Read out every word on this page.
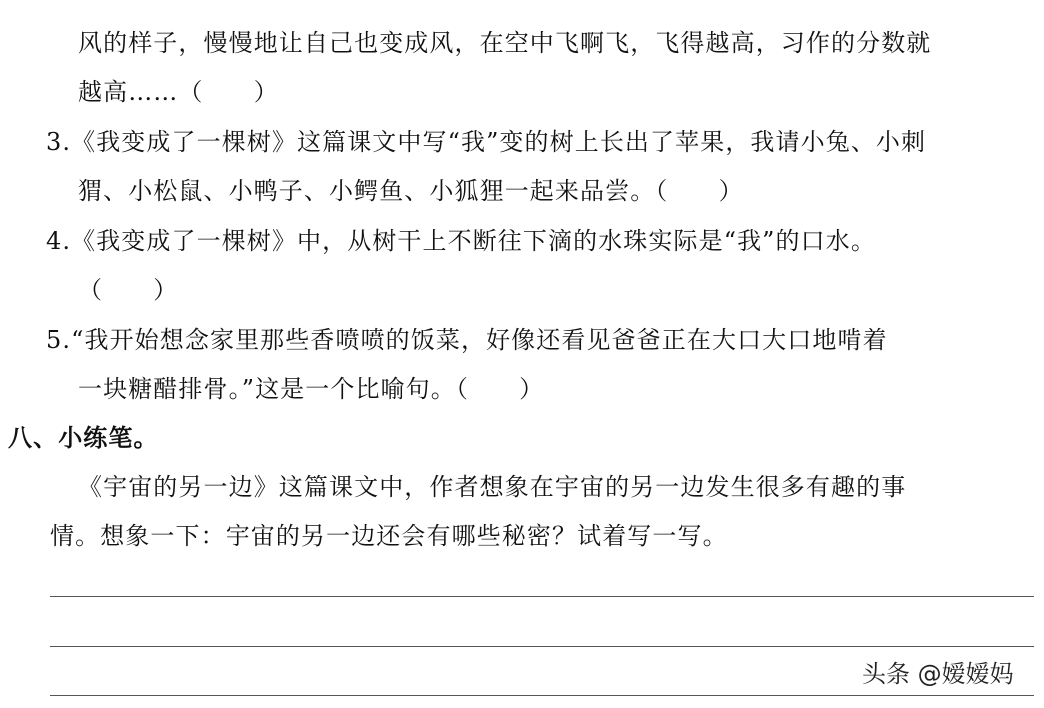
风的样子，慢慢地让自己也变成风，在空中飞啊飞，飞得越高，习作的分数就
越高……（　　）
3.《我变成了一棵树》这篇课文中写“我”变的树上长出了苹果，我请小兔、小刺
猬、小松鼠、小鸭子、小鳄鱼、小狐狸一起来品尝。（　　）
4.《我变成了一棵树》中，从树干上不断往下滴的水珠实际是“我”的口水。
（　　）
5.“我开始想念家里那些香喷喷的饭菜，好像还看见爸爸正在大口大口地啃着
一块糖醋排骨。”这是一个比喻句。（　　）
八、小练笔。
《宇宙的另一边》这篇课文中，作者想象在宇宙的另一边发生很多有趣的事
情。想象一下：宇宙的另一边还会有哪些秘密？试着写一写。
头条 @嫒嫒妈
